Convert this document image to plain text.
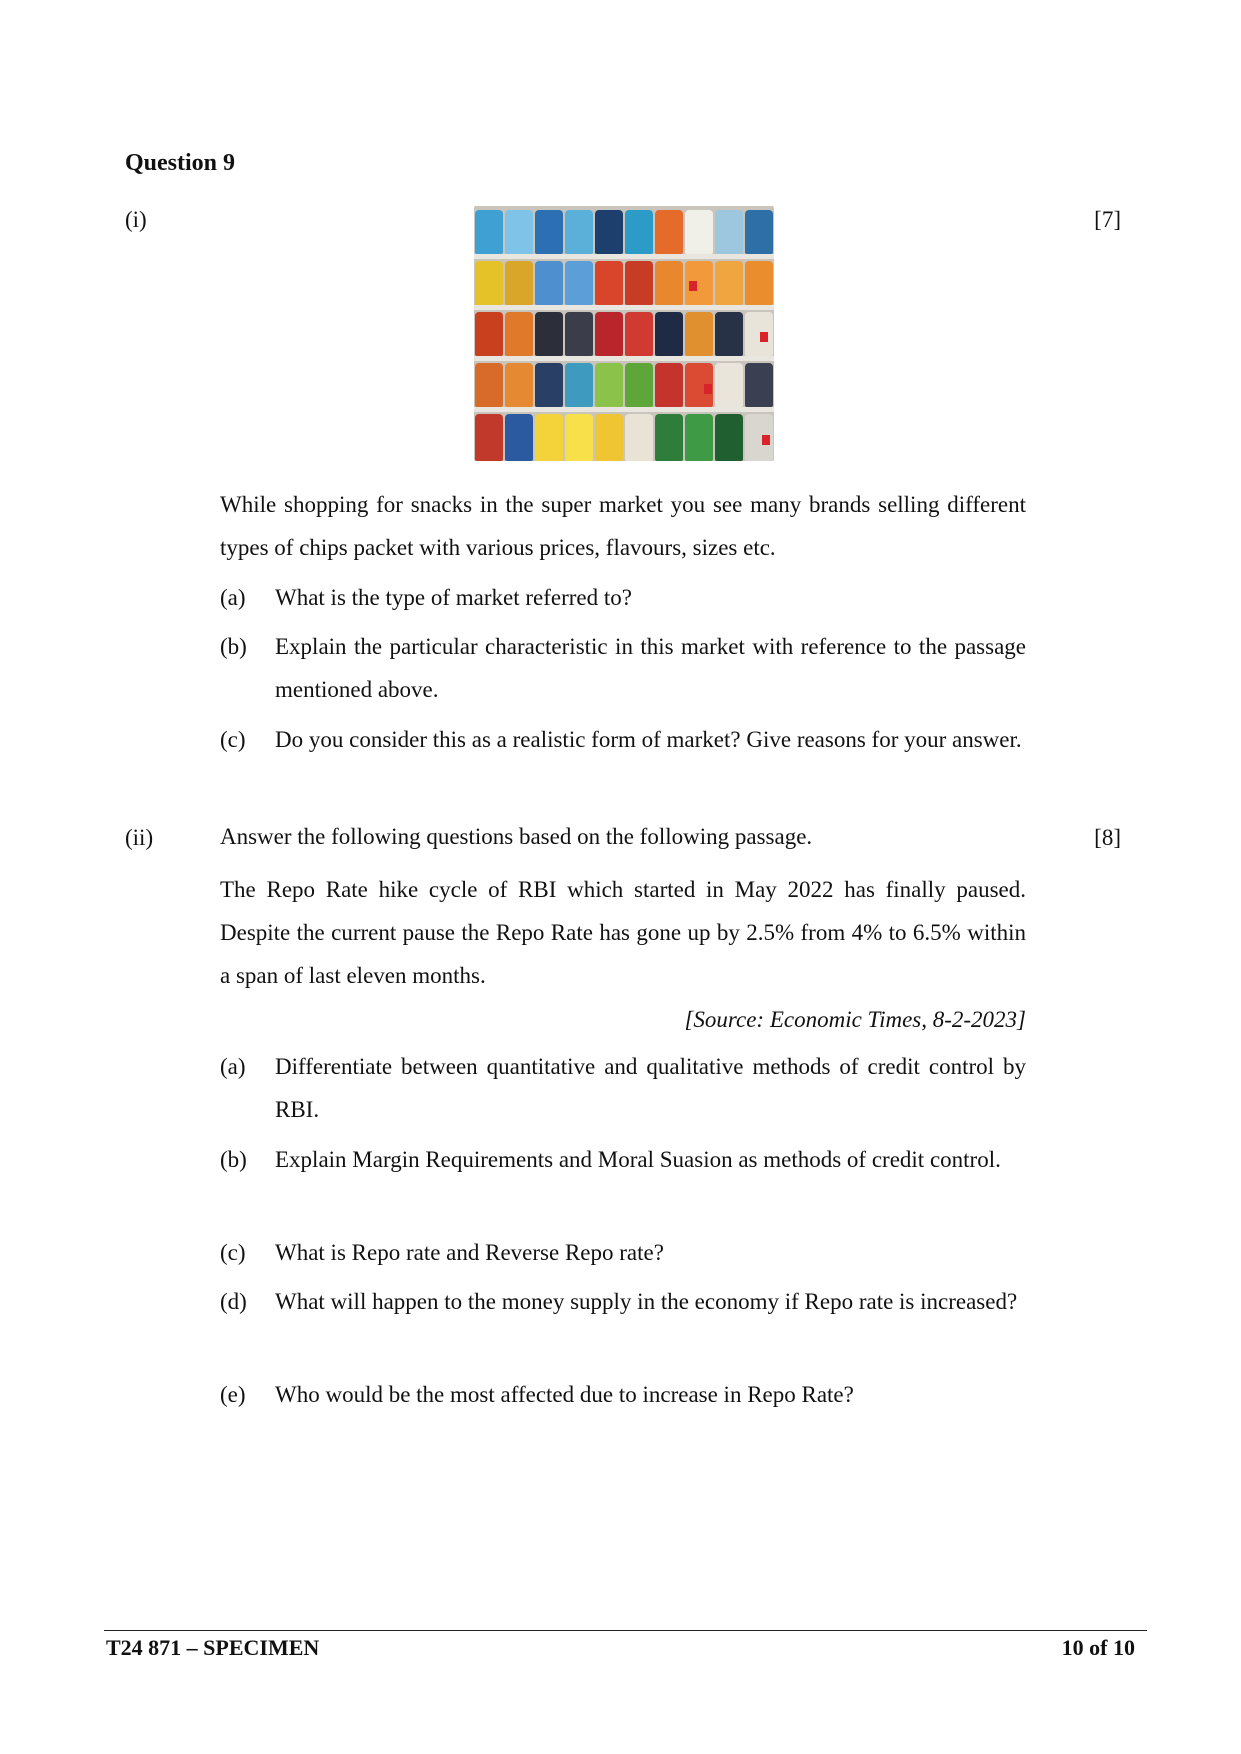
Question 9
(i)	[7]
While shopping for snacks in the super market you see many brands selling different types of chips packet with various prices, flavours, sizes etc.
(a) What is the type of market referred to?
(b) Explain the particular characteristic in this market with reference to the passage mentioned above.
(c) Do you consider this as a realistic form of market? Give reasons for your answer.
(ii)	[8]
Answer the following questions based on the following passage.
The Repo Rate hike cycle of RBI which started in May 2022 has finally paused. Despite the current pause the Repo Rate has gone up by 2.5% from 4% to 6.5% within a span of last eleven months.
[Source: Economic Times, 8-2-2023]
(a) Differentiate between quantitative and qualitative methods of credit control by RBI.
(b) Explain Margin Requirements and Moral Suasion as methods of credit control.
(c) What is Repo rate and Reverse Repo rate?
(d) What will happen to the money supply in the economy if Repo rate is increased?
(e) Who would be the most affected due to increase in Repo Rate?
T24 871 – SPECIMEN	10 of 10
